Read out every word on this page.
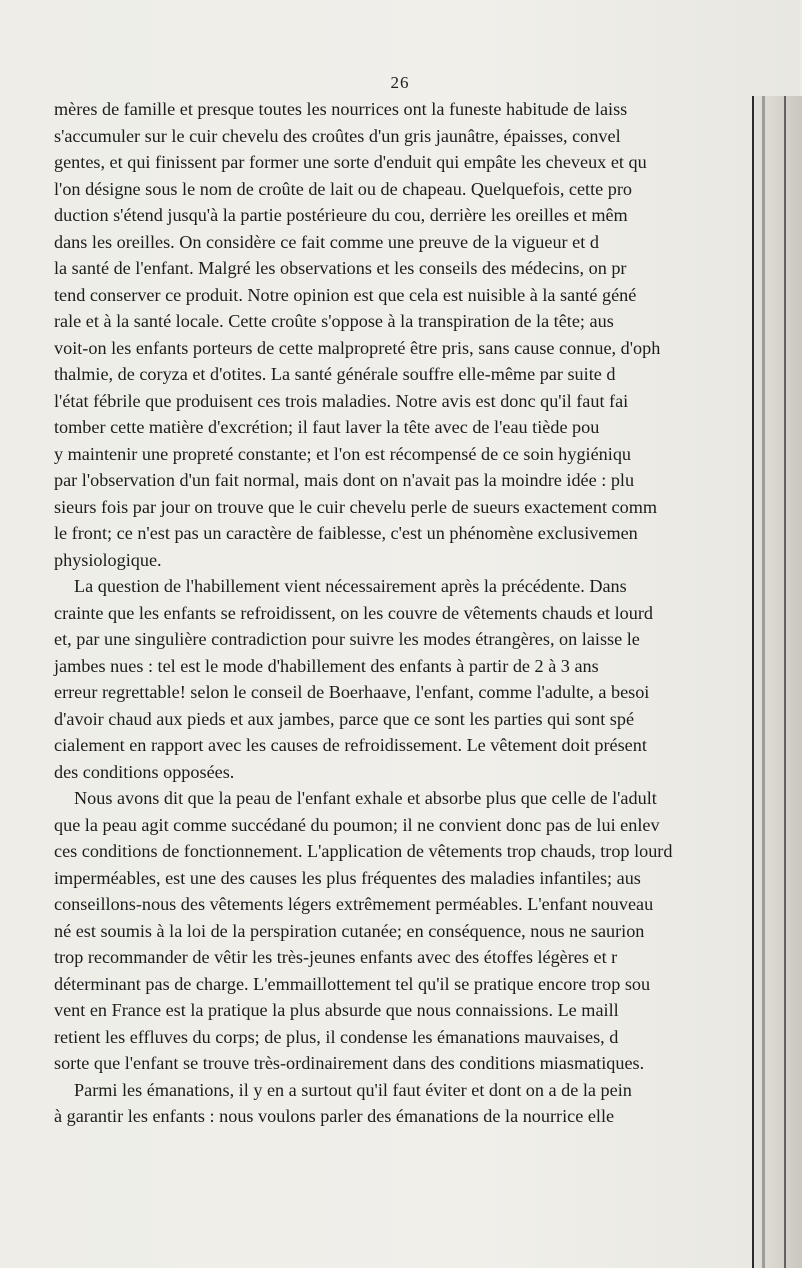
26
mères de famille et presque toutes les nourrices ont la funeste habitude de laiss
s'accumuler sur le cuir chevelu des croûtes d'un gris jaunâtre, épaisses, convel
gentes, et qui finissent par former une sorte d'enduit qui empâte les cheveux et qu
l'on désigne sous le nom de croûte de lait ou de chapeau. Quelquefois, cette pro
duction s'étend jusqu'à la partie postérieure du cou, derrière les oreilles et mêm
dans les oreilles. On considère ce fait comme une preuve de la vigueur et d
la santé de l'enfant. Malgré les observations et les conseils des médecins, on pr
tend conserver ce produit. Notre opinion est que cela est nuisible à la santé géné
rale et à la santé locale. Cette croûte s'oppose à la transpiration de la tête; aus
voit-on les enfants porteurs de cette malpropreté être pris, sans cause connue, d'oph
thalmie, de coryza et d'otites. La santé générale souffre elle-même par suite d
l'état fébrile que produisent ces trois maladies. Notre avis est donc qu'il faut fai
tomber cette matière d'excrétion; il faut laver la tête avec de l'eau tiède pou
y maintenir une propreté constante; et l'on est récompensé de ce soin hygiéniqu
par l'observation d'un fait normal, mais dont on n'avait pas la moindre idée : plu
sieurs fois par jour on trouve que le cuir chevelu perle de sueurs exactement comm
le front; ce n'est pas un caractère de faiblesse, c'est un phénomène exclusivemen
physiologique.
La question de l'habillement vient nécessairement après la précédente. Dans
crainte que les enfants se refroidissent, on les couvre de vêtements chauds et lourd
et, par une singulière contradiction pour suivre les modes étrangères, on laisse le
jambes nues : tel est le mode d'habillement des enfants à partir de 2 à 3 ans
erreur regrettable! selon le conseil de Boerhaave, l'enfant, comme l'adulte, a besoi
d'avoir chaud aux pieds et aux jambes, parce que ce sont les parties qui sont spé
cialement en rapport avec les causes de refroidissement. Le vêtement doit présent
des conditions opposées.
Nous avons dit que la peau de l'enfant exhale et absorbe plus que celle de l'adult
que la peau agit comme succédané du poumon; il ne convient donc pas de lui enlev
ces conditions de fonctionnement. L'application de vêtements trop chauds, trop lourd
imperméables, est une des causes les plus fréquentes des maladies infantiles; aus
conseillons-nous des vêtements légers extrêmement perméables. L'enfant nouveau
né est soumis à la loi de la perspiration cutanée; en conséquence, nous ne saurion
trop recommander de vêtir les très-jeunes enfants avec des étoffes légères et r
déterminant pas de charge. L'emmaillottement tel qu'il se pratique encore trop sou
vent en France est la pratique la plus absurde que nous connaissions. Le maill
retient les effluves du corps; de plus, il condense les émanations mauvaises, d
sorte que l'enfant se trouve très-ordinairement dans des conditions miasmatiques.
Parmi les émanations, il y en a surtout qu'il faut éviter et dont on a de la pein
à garantir les enfants : nous voulons parler des émanations de la nourrice elle
